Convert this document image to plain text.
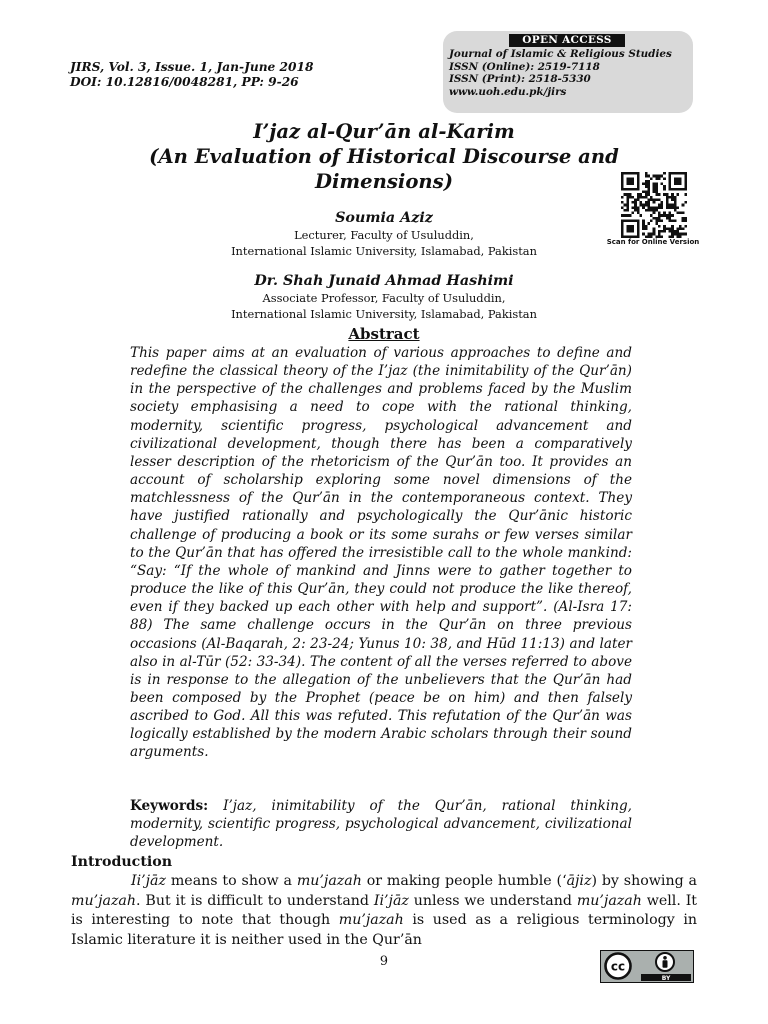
JIRS, Vol. 3, Issue. 1, Jan-June 2018
DOI: 10.12816/0048281, PP: 9-26
OPEN ACCESS
Journal of Islamic & Religious Studies
ISSN (Online): 2519-7118
ISSN (Print): 2518-5330
www.uoh.edu.pk/jirs
I’jaz al-Qur’ān al-Karim
(An Evaluation of Historical Discourse and
Dimensions)
Scan for Online Version
Soumia Aziz
Lecturer, Faculty of Usuluddin,
International Islamic University, Islamabad, Pakistan
Dr. Shah Junaid Ahmad Hashimi
Associate Professor, Faculty of Usuluddin,
International Islamic University, Islamabad, Pakistan
Abstract

This paper aims at an evaluation of various approaches to define and redefine the classical theory of the I’jaz (the inimitability of the Qur’ān) in the perspective of the challenges and problems faced by the Muslim society emphasising a need to cope with the rational thinking, modernity, scientific progress, psychological advancement and civilizational development, though there has been a comparatively lesser description of the rhetoricism of the Qur’ān too. It provides an account of scholarship exploring some novel dimensions of the matchlessness of the Qur’ān in the contemporaneous context. They have justified rationally and psychologically the Qur’ānic historic challenge of producing a book or its some surahs or few verses similar to the Qur’ān that has offered the irresistible call to the whole mankind: “Say: “If the whole of mankind and Jinns were to gather together to produce the like of this Qur’ān, they could not produce the like thereof, even if they backed up each other with help and support”. (Al-Isra 17: 88) The same challenge occurs in the Qur’ān on three previous occasions (Al-Baqarah, 2: 23-24; Yunus 10: 38, and Hūd 11:13) and later also in al-Tūr (52: 33-34). The content of all the verses referred to above is in response to the allegation of the unbelievers that the Qur’ān had been composed by the Prophet (peace be on him) and then falsely ascribed to God. All this was refuted. This refutation of the Qur’ān was logically established by the modern Arabic scholars through their sound arguments.

Keywords: I’jaz, inimitability of the Qur’ān, rational thinking, modernity, scientific progress, psychological advancement, civilizational development.

Introduction

Ii’jāz means to show a mu’jazah or making people humble (‘ājiz) by showing a mu’jazah. But it is difficult to understand Ii’jāz unless we understand mu’jazah well. It is interesting to note that though mu’jazah is used as a religious terminology in Islamic literature it is neither used in the Qur’ān

9	cc
BY
